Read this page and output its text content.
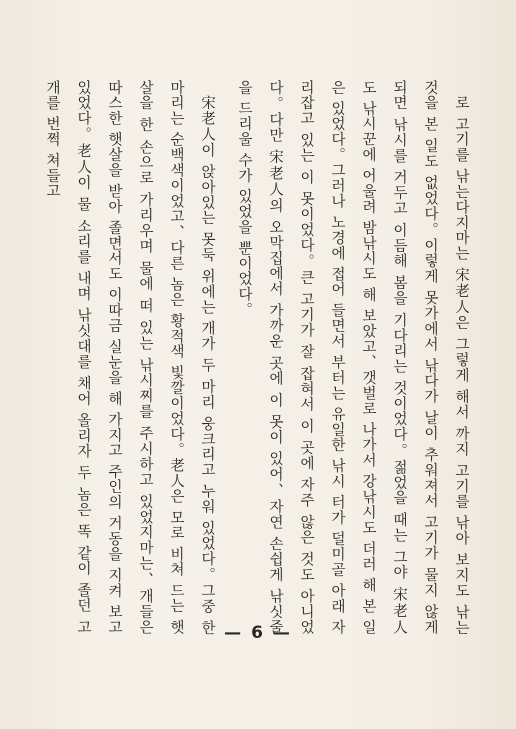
로 고기를 낚는다지마는 宋老人은 그렇게 해서 까지 고기를 낚아 보지도 낚는 것을 본 일도 없었다。이렇게 못가에서 낚다가 날이 추워져서 고기가 물지 않게 되면 낚시를 거두고 이듬해 봄을 기다리는 것이었다。젊었을 때는 그야 宋老人도 낚시꾼에 어울려 밤낚시도 해 보았고、갯벌로 나가서 강낚시도 더러 해 본 일은 있었다。그러나 노경에 접어 들면서 부터는 유일한 낚시 터가 덜미골 아래 자리잡고 있는 이 못이었다。큰 고기가 잘 잡혀서 이 곳에 자주 않은 것도 아니었다。다만 宋老人의 오막집에서 가까운 곳에 이 못이 있어、자연 손쉽게 낚싯줄을 드리울 수가 있었을 뿐이었다。

宋老人이 앉아있는 못둑 위에는 개가 두 마리 웅크리고 누워 있었다。그중 한 마리는 순백색이었고、다른 놈은 황적색 빛깔이었다。老人은 모로 비쳐 드는 햇살을 한 손으로 가리우며 물에 떠 있는 낚시찌를 주시하고 있었지마는、개들은 따스한 햇살을 받아 졸면서도 이따금 실눈을 해 가지고 주인의 거동을 지켜 보고 있었다。老人이 물 소리를 내며 낚싯대를 채어 올리자 두 놈은 똑 같이 졸던 고개를 번쩍 쳐들고

— 6 —
